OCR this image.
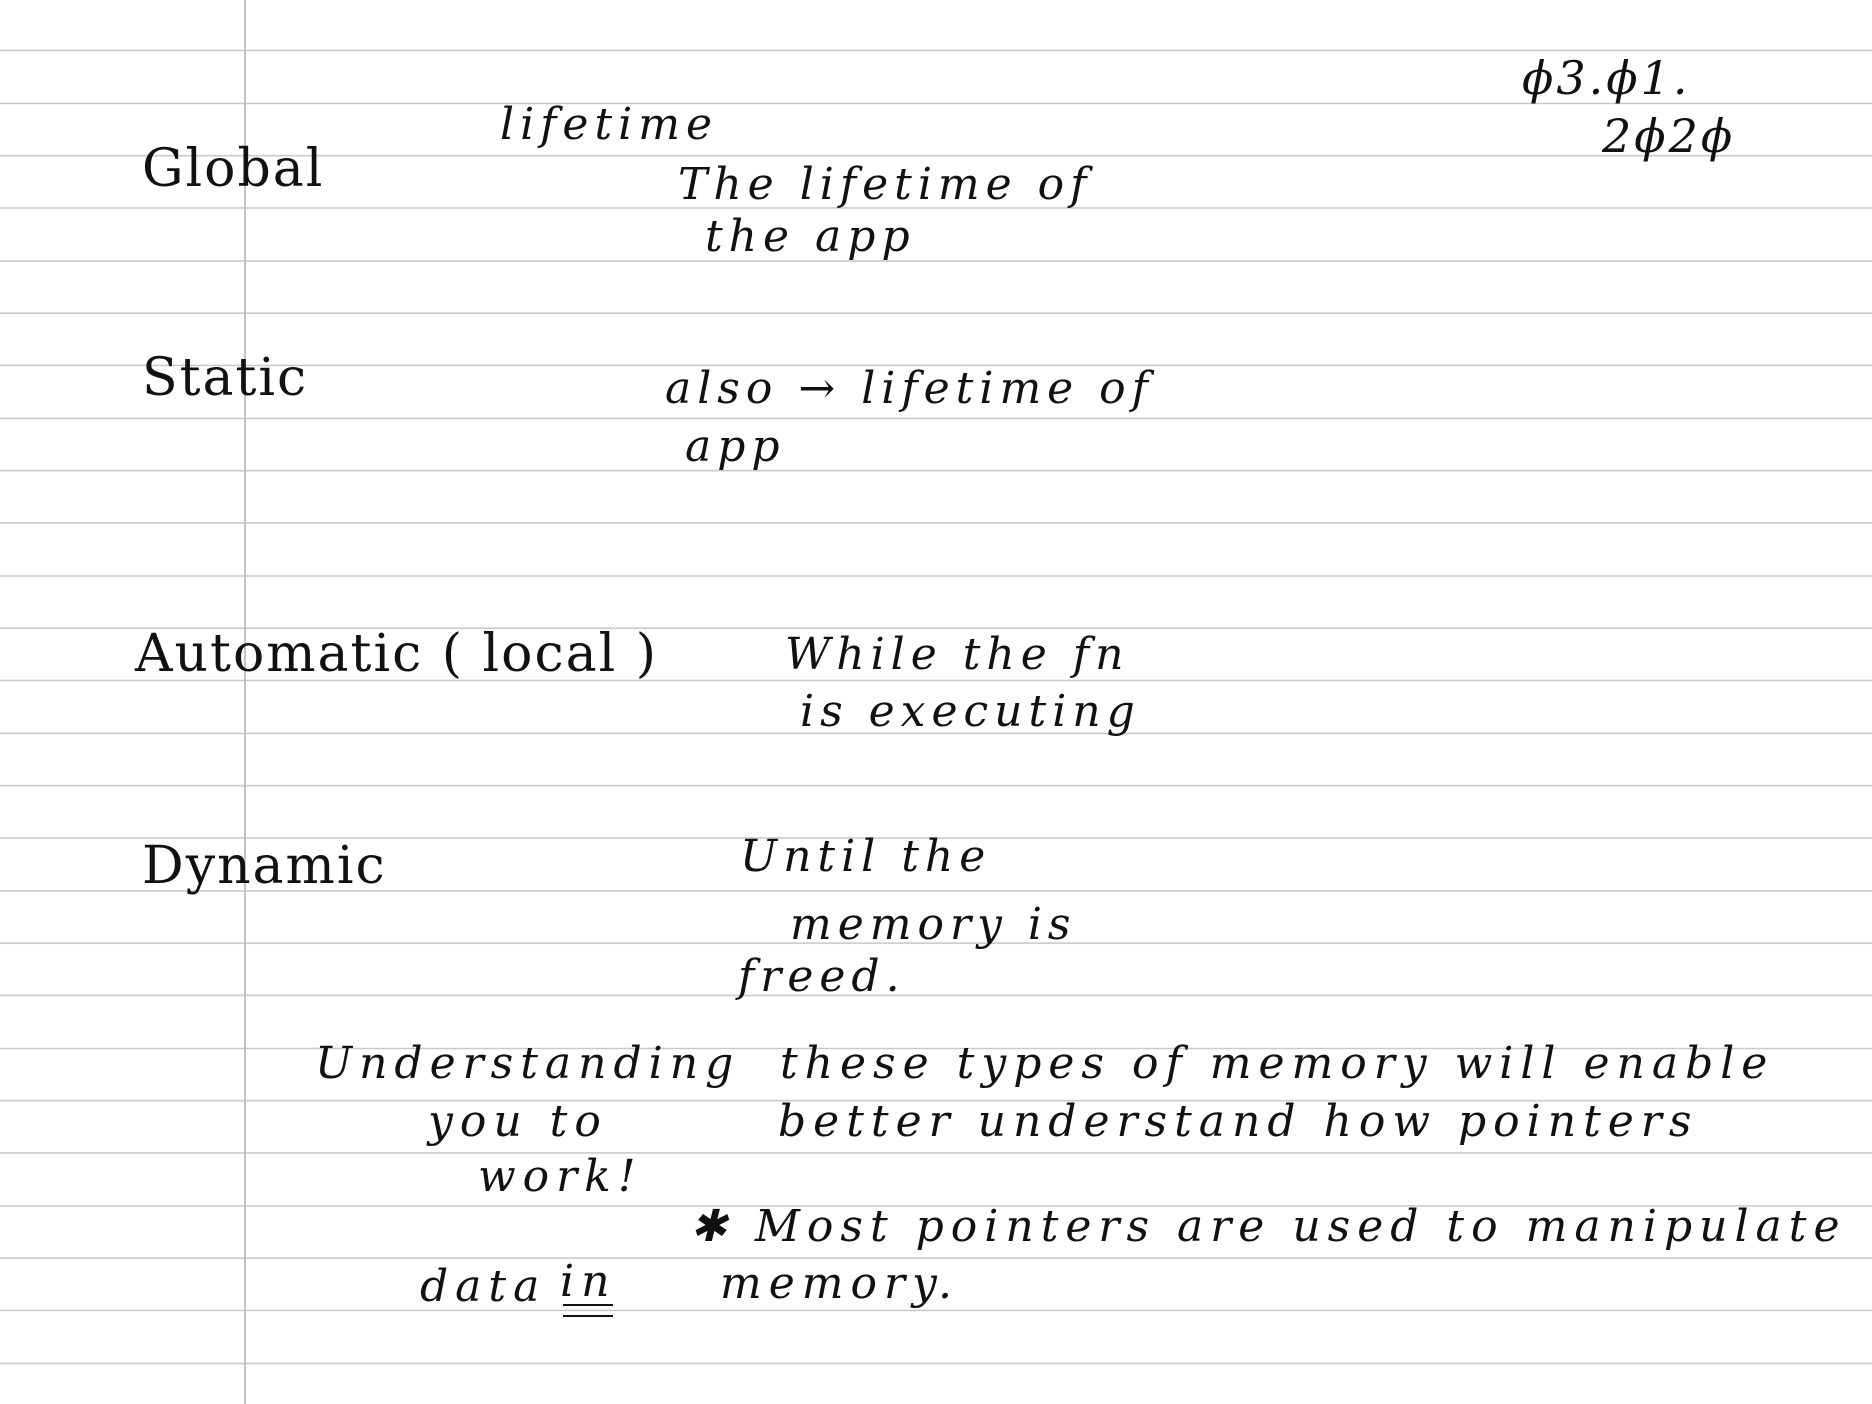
ϕ3.ϕ1.
2ϕ2ϕ
lifetime
Global	The lifetime of
the app
Static	also → lifetime of
app
Automatic ( local )	While the fn
is executing
Dynamic	Until the
memory is
freed.
Understanding these types of memory will enable
you to	better understand how pointers
work!
✱ Most pointers are used to manipulate
data in memory.
